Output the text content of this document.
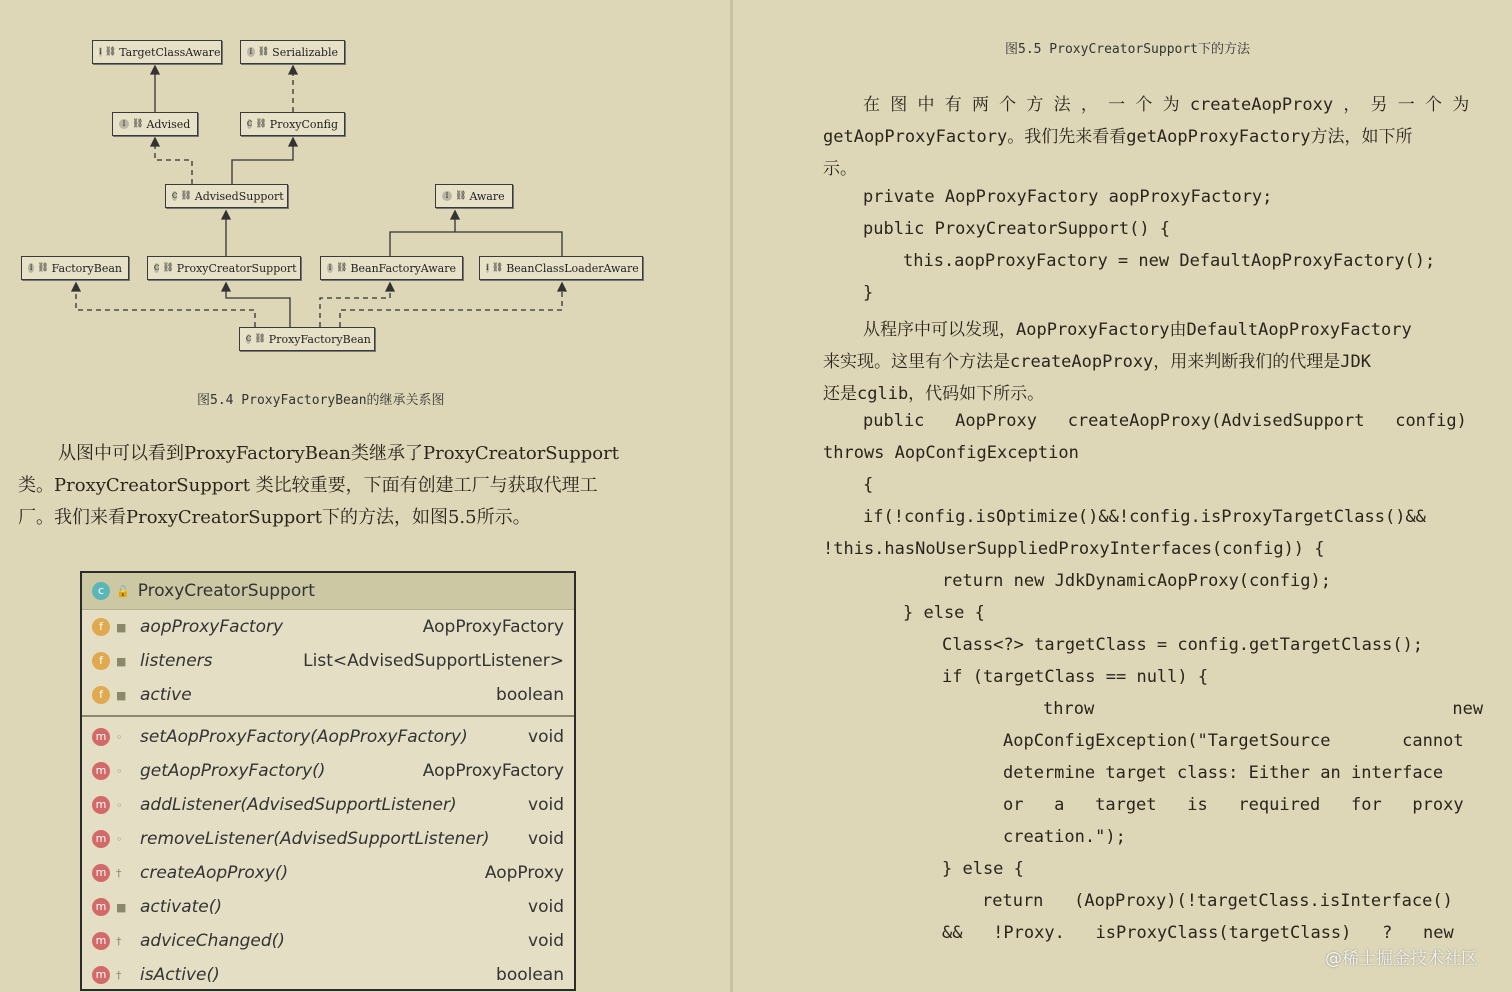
I ⛓ TargetClassAware	I ⛓ Serializable
I ⛓ Advised	C ⛓ ProxyConfig
C ⛓ AdvisedSupport	I ⛓ Aware
I ⛓ FactoryBean	C ⛓ ProxyCreatorSupport	I ⛓ BeanFactoryAware	I ⛓ BeanClassLoaderAware
C ⛓ ProxyFactoryBean
图5.4 ProxyFactoryBean的继承关系图

从图中可以看到ProxyFactoryBean类继承了ProxyCreatorSupport

类。ProxyCreatorSupport 类比较重要，下面有创建工厂与获取代理工

厂。我们来看ProxyCreatorSupport下的方法，如图5.5所示。

c	🔓 ProxyCreatorSupport
f	■ aopProxyFactory	AopProxyFactory
f	■ listeners	List<AdvisedSupportListener>
f	■ active	boolean
m ◦	setAopProxyFactory(AopProxyFactory)	void
m ◦	getAopProxyFactory()	AopProxyFactory
m ◦	addListener(AdvisedSupportListener)	void
m ◦	removeListener(AdvisedSupportListener)	void
m †	createAopProxy()	AopProxy
m ■ activate()	void
m †	adviceChanged()	void
m †	isActive()	boolean
图5.5 ProxyCreatorSupport下的方法
在 图 中 有 两 个 方 法 ， 一 个 为 createAopProxy ， 另 一 个 为
getAopProxyFactory。我们先来看看getAopProxyFactory方法，如下所
示。
private AopProxyFactory aopProxyFactory;
public ProxyCreatorSupport() {
this.aopProxyFactory = new DefaultAopProxyFactory();
}
从程序中可以发现，AopProxyFactory由DefaultAopProxyFactory
来实现。这里有个方法是createAopProxy，用来判断我们的代理是JDK
还是cglib，代码如下所示。
public   AopProxy   createAopProxy(AdvisedSupport   config)
throws AopConfigException
{
if(!config.isOptimize()&&!config.isProxyTargetClass()&&
!this.hasNoUserSuppliedProxyInterfaces(config)) {
return new JdkDynamicAopProxy(config);
} else {
Class<?> targetClass = config.getTargetClass();
if (targetClass == null) {
throw                                   new
AopConfigException("TargetSource       cannot
determine target class: Either an interface
or   a   target   is   required   for   proxy
creation.");
} else {
return   (AopProxy)(!targetClass.isInterface()
&&   !Proxy.   isProxyClass(targetClass)   ?   new
@稀土掘金技术社区
